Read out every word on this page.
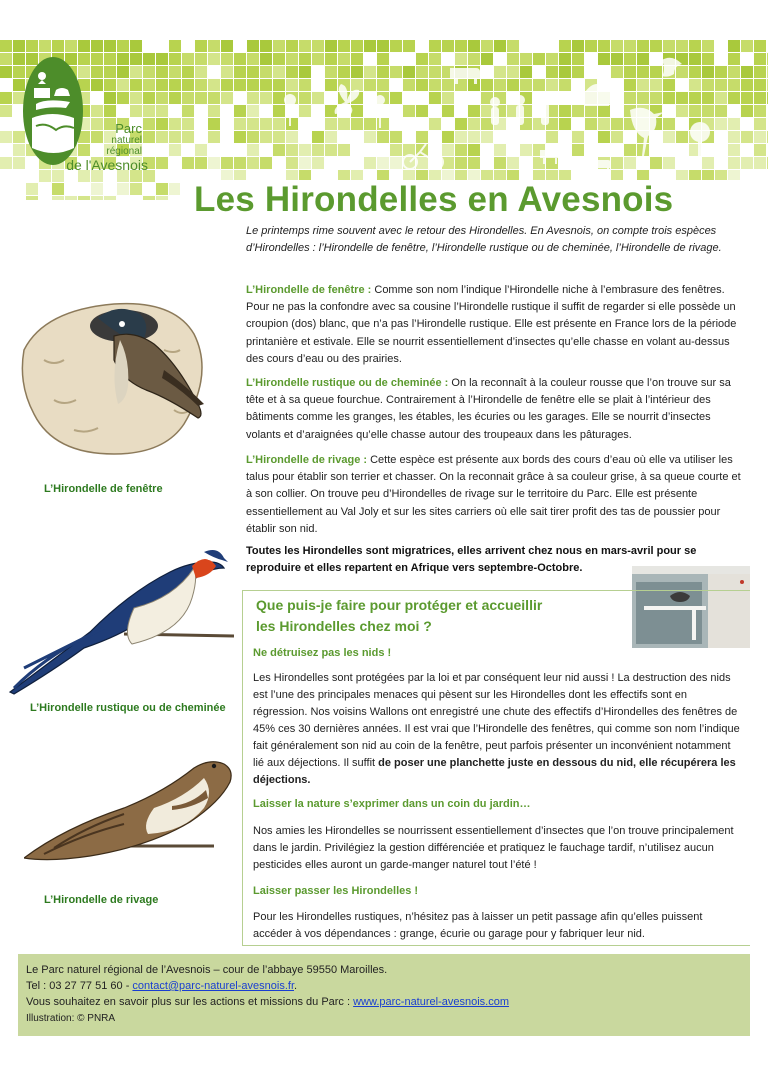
Parc
naturel
régional
de l'Avesnois
Les Hirondelles en Avesnois
Le printemps rime souvent avec le retour des Hirondelles. En Avesnois, on compte trois espèces d’Hirondelles : l’Hirondelle de fenêtre, l’Hirondelle rustique ou de cheminée, l’Hirondelle de rivage.
L’Hirondelle de fenêtre : Comme son nom l’indique l’Hirondelle niche à l’embrasure des fenêtres. Pour ne pas la confondre avec sa cousine l’Hirondelle rustique il suffit de regarder si elle possède un croupion (dos) blanc, que n’a pas l’Hirondelle rustique. Elle est présente en France lors de la période printanière et estivale. Elle se nourrit essentiellement d’insectes qu’elle chasse en volant au-dessus des cours d’eau ou des prairies.
L’Hirondelle rustique ou de cheminée : On la reconnaît à la couleur rousse que l’on trouve sur sa tête et à sa queue fourchue. Contrairement à l’Hirondelle de fenêtre elle se plait à l’intérieur des bâtiments comme les granges, les étables, les écuries ou les garages. Elle se nourrit d’insectes volants et d’araignées qu’elle chasse autour des troupeaux dans les pâturages.
L’Hirondelle de rivage : Cette espèce est présente aux bords des cours d’eau où elle va utiliser les talus pour établir son terrier et chasser. On la reconnait grâce à sa couleur grise, à sa queue courte et à son collier. On trouve peu d’Hirondelles de rivage sur le territoire du Parc. Elle est présente essentiellement au Val Joly et sur les sites carriers où elle sait tirer profit des tas de poussier pour établir son nid.
Toutes les Hirondelles sont migratrices, elles arrivent chez nous en mars-avril pour se reproduire et elles repartent en Afrique vers septembre-Octobre.
L’Hirondelle de fenêtre
L’Hirondelle rustique ou de cheminée
L’Hirondelle de rivage
Que puis-je faire pour protéger et accueillir
les Hirondelles chez moi ?
Ne détruisez pas les nids !
Les Hirondelles sont protégées par la loi et par conséquent leur nid aussi ! La destruction des nids est l’une des principales menaces qui pèsent sur les Hirondelles dont les effectifs sont en régression. Nos voisins Wallons ont enregistré une chute des effectifs d’Hirondelles des fenêtres de 45% ces 30 dernières années. Il est vrai que l’Hirondelle des fenêtres, qui comme son nom l’indique fait généralement son nid au coin de la fenêtre, peut parfois présenter un inconvénient notamment lié aux déjections. Il suffit de poser une planchette juste en dessous du nid, elle récupérera les déjections.
Laisser la nature s’exprimer dans un coin du jardin…
Nos amies les Hirondelles se nourrissent essentiellement d’insectes que l’on trouve principalement dans le jardin. Privilégiez la gestion différenciée et pratiquez le fauchage tardif, n’utilisez aucun pesticides elles auront un garde-manger naturel tout l’été !
Laisser passer les Hirondelles !
Pour les Hirondelles rustiques, n’hésitez pas à laisser un petit passage afin qu’elles puissent accéder à vos dépendances : grange, écurie ou garage pour y fabriquer leur nid.
Le Parc naturel régional de l’Avesnois – cour de l’abbaye 59550 Maroilles.
Tel : 03 27 77 51 60 - contact@parc-naturel-avesnois.fr.
Vous souhaitez en savoir plus sur les actions et missions du Parc : www.parc-naturel-avesnois.com
Illustration: © PNRA
